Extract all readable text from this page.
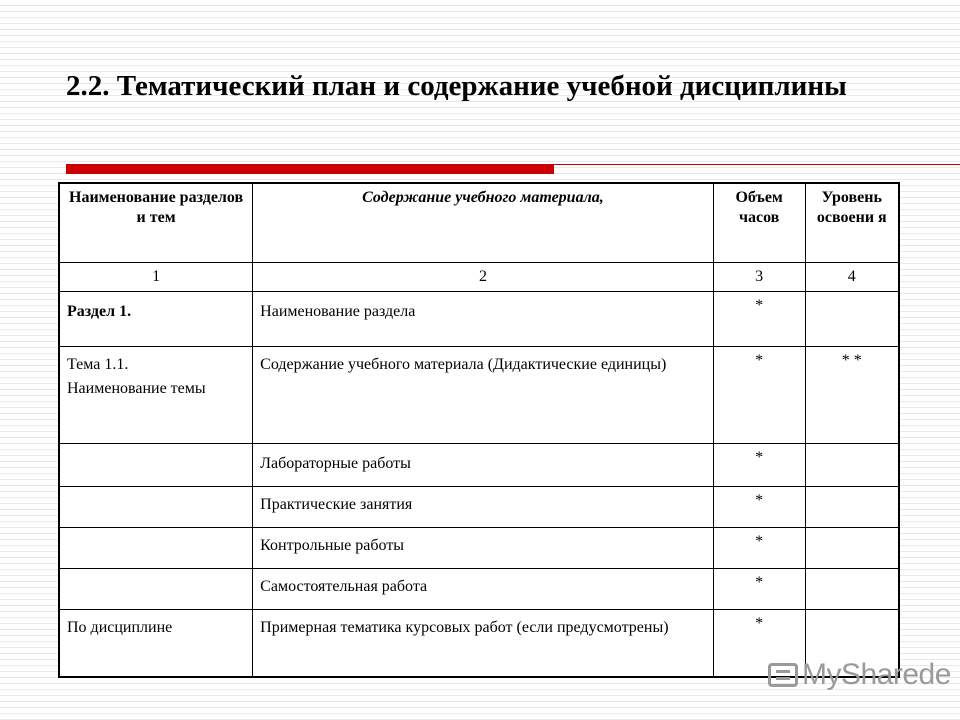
2.2. Тематический план и содержание учебной дисциплины
Наименование разделов и тем	Содержание учебного материала,	Объем часов	Уровень освоени я
1	2	3	4
Раздел 1.	Наименование раздела	*	

Тема 1.1.
Наименование темы	Содержание учебного материала (Дидактические единицы)	*	* *
	Лабораторные работы	*	
	Практические занятия	*	
	Контрольные работы	*	
	Самостоятельная работа	*	
По дисциплине	Примерная тематика курсовых работ (если предусмотрены)	*	
MySharedе
